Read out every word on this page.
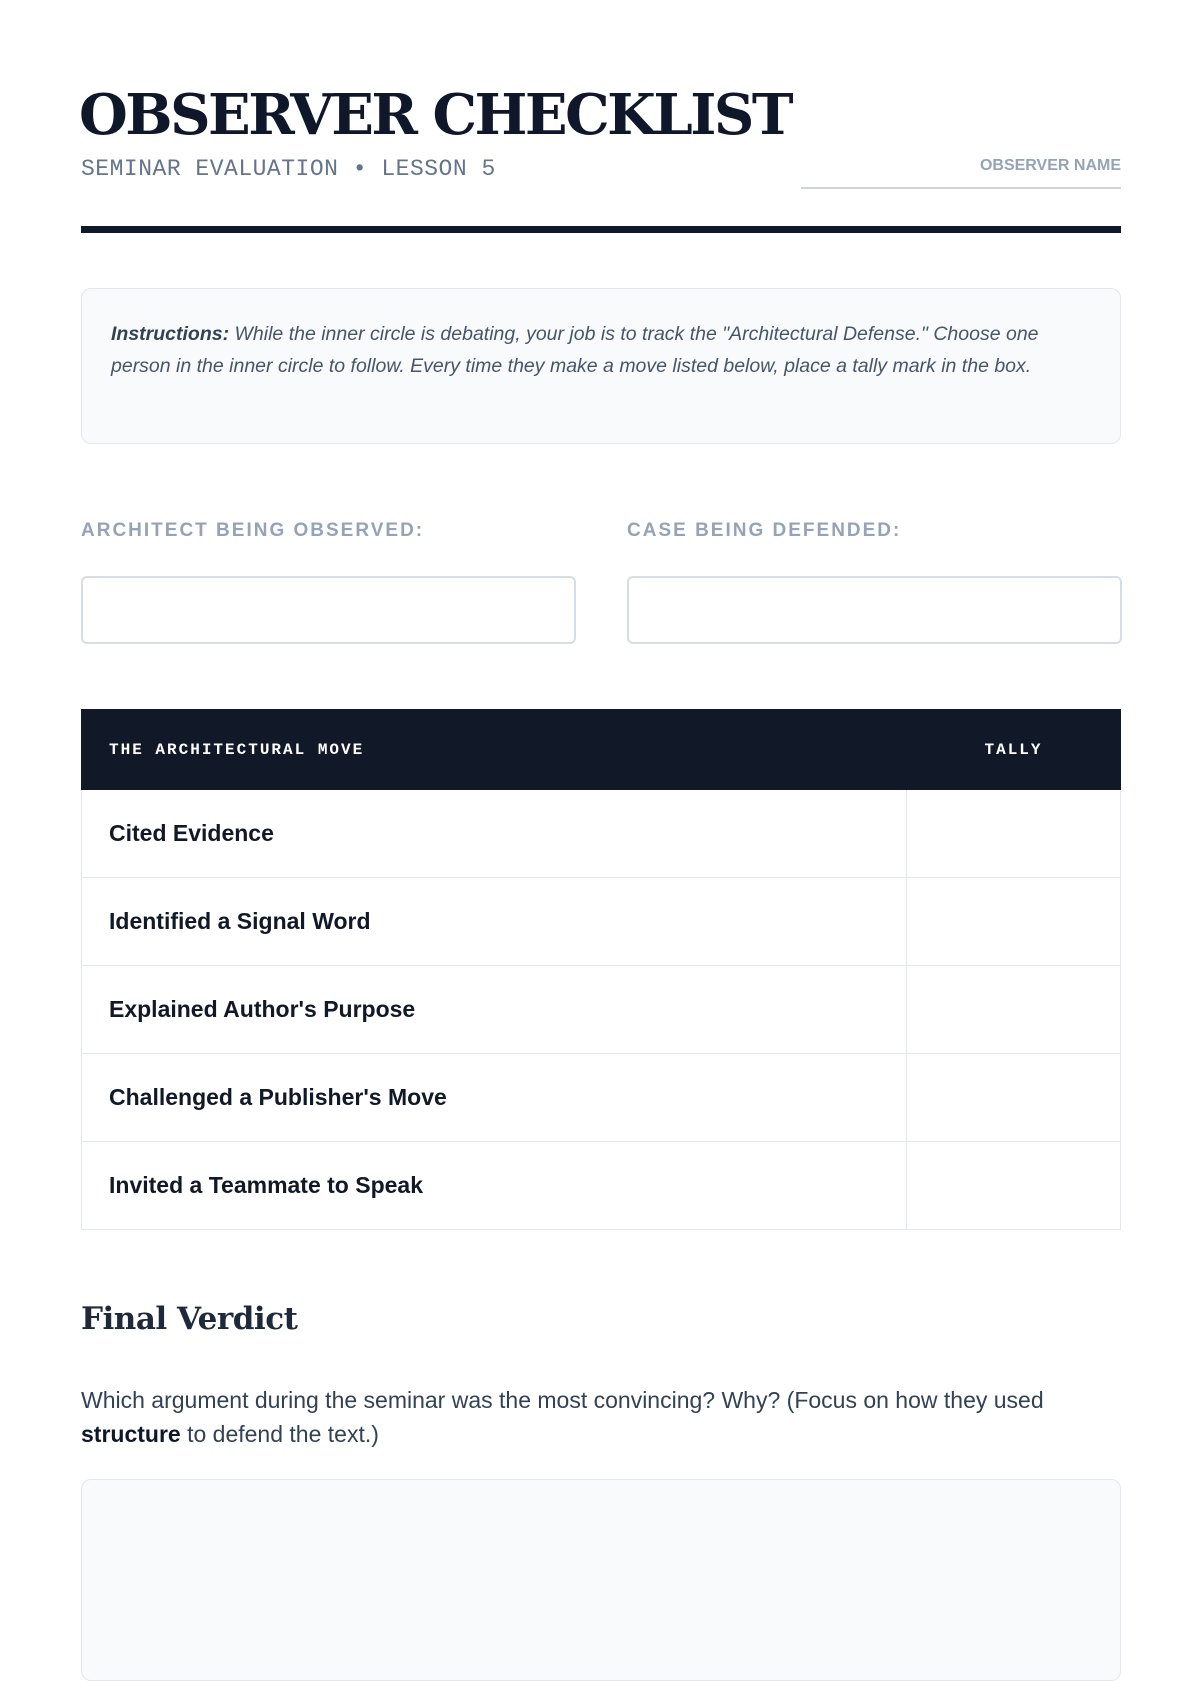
OBSERVER CHECKLIST
SEMINAR EVALUATION • LESSON 5	OBSERVER NAME
Instructions: While the inner circle is debating, your job is to track the "Architectural Defense." Choose one person in the inner circle to follow. Every time they make a move listed below, place a tally mark in the box.
ARCHITECT BEING OBSERVED:	CASE BEING DEFENDED:
THE ARCHITECTURAL MOVE	TALLY
Cited Evidence
Identified a Signal Word
Explained Author's Purpose
Challenged a Publisher's Move
Invited a Teammate to Speak
Final Verdict
Which argument during the seminar was the most convincing? Why? (Focus on how they used structure to defend the text.)
